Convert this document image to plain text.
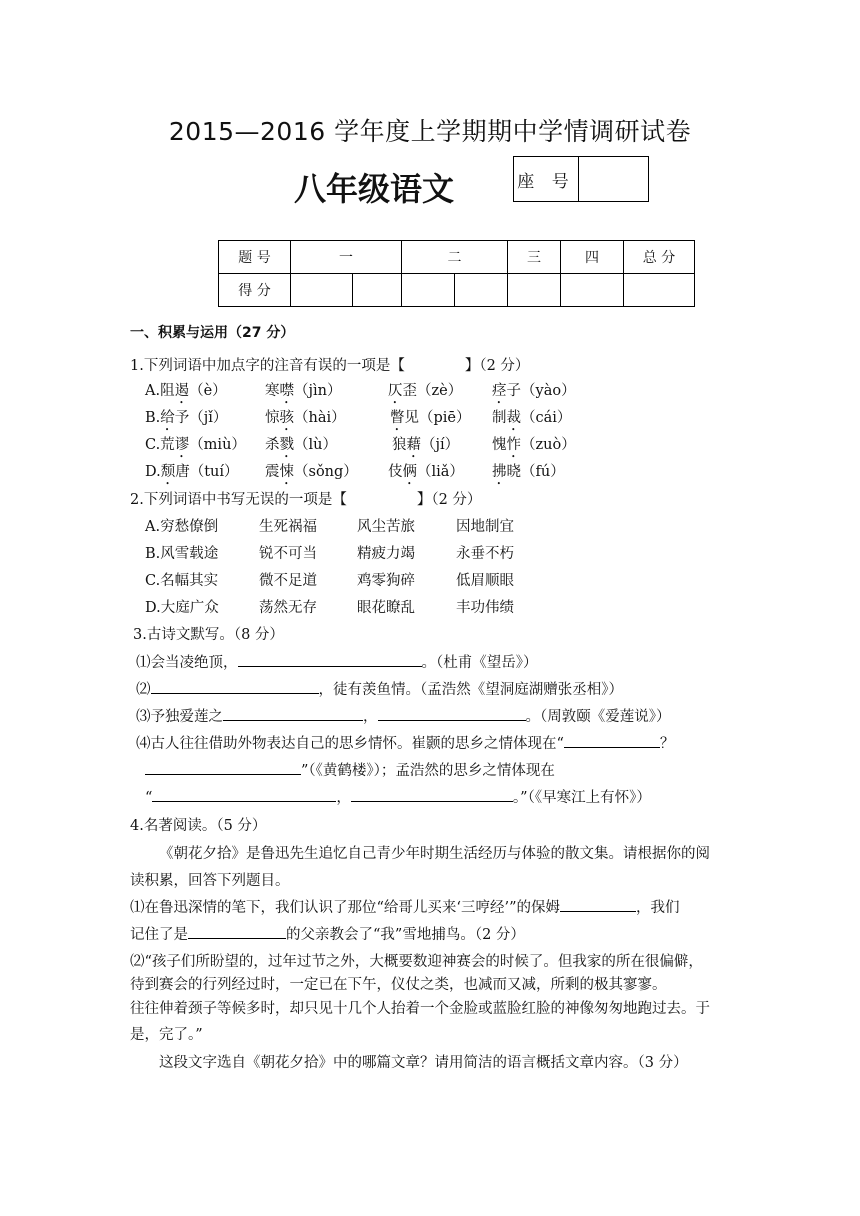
2015—2016 学年度上学期期中学情调研试卷
八年级语文	座 号
题 号	一		二		三	四	总 分
得 分							
一、积累与运用（27 分）
1.下列词语中加点字的注音有误的一项是【	】（2 分）
A.阻遏（è）	寒噤（jìn）	仄歪（zè） 痉子（yào）
B.给予（jǐ）	惊骇（hài）	瞥见（piē） 制裁（cái）
C.荒谬（miù） 杀戮（lù）	狼藉（jí） 愧怍（zuò）
D.颓唐（tuí） 震悚（sǒng） 伎俩（liǎ） 拂晓（fú）
2.下列词语中书写无误的一项是【	】（2 分）
A.穷愁僚倒	生死祸福	风尘苦旅	因地制宜
B.风雪载途	锐不可当	精疲力竭	永垂不朽
C.名幅其实	微不足道	鸡零狗碎	低眉顺眼
D.大庭广众	荡然无存	眼花瞭乱	丰功伟绩
3.古诗文默写。（8 分）
⑴会当凌绝顶，	。（杜甫《望岳》）
⑵	，徒有羡鱼情。（孟浩然《望洞庭湖赠张丞相》）
⑶予独爱莲之	，	。（周敦颐《爱莲说》）
⑷古人往往借助外物表达自己的思乡情怀。崔颢的思乡之情体现在“	？
”（《黄鹤楼》）；孟浩然的思乡之情体现在
“	，	。”（《早寒江上有怀》）
4.名著阅读。（5 分）
《朝花夕拾》是鲁迅先生追忆自己青少年时期生活经历与体验的散文集。请根据你的阅
读积累，回答下列题目。
⑴在鲁迅深情的笔下，我们认识了那位“给哥儿买来‘三哼经’”的保姆	，我们
记住了是	的父亲教会了“我”雪地捕鸟。（2 分）
⑵“孩子们所盼望的，过年过节之外，大概要数迎神赛会的时候了。但我家的所在很偏僻，
待到赛会的行列经过时，一定已在下午，仪仗之类，也减而又减，所剩的极其寥寥。
往往伸着颈子等候多时，却只见十几个人抬着一个金脸或蓝脸红脸的神像匆匆地跑过去。于
是，完了。”
这段文字选自《朝花夕拾》中的哪篇文章？请用简洁的语言概括文章内容。（3 分）
